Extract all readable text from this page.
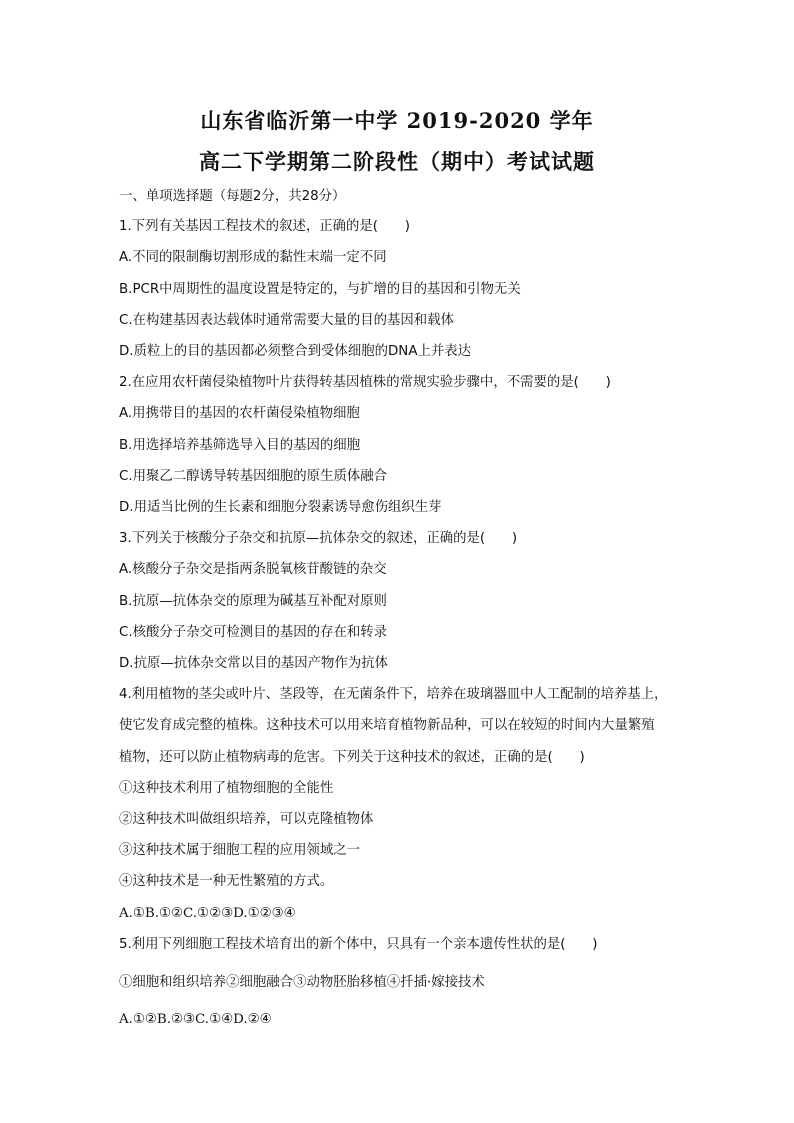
山东省临沂第一中学 2019-2020 学年
高二下学期第二阶段性（期中）考试试题
一、单项选择题（每题2分，共28分）
1.下列有关基因工程技术的叙述，正确的是(　　)
A.不同的限制酶切割形成的黏性末端一定不同
B.PCR中周期性的温度设置是特定的，与扩增的目的基因和引物无关
C.在构建基因表达载体时通常需要大量的目的基因和载体
D.质粒上的目的基因都必须整合到受体细胞的DNA上并表达
2.在应用农杆菌侵染植物叶片获得转基因植株的常规实验步骤中，不需要的是(　　)
A.用携带目的基因的农杆菌侵染植物细胞
B.用选择培养基筛选导入目的基因的细胞
C.用聚乙二醇诱导转基因细胞的原生质体融合
D.用适当比例的生长素和细胞分裂素诱导愈伤组织生芽
3.下列关于核酸分子杂交和抗原—抗体杂交的叙述，正确的是(　　)
A.核酸分子杂交是指两条脱氧核苷酸链的杂交
B.抗原—抗体杂交的原理为碱基互补配对原则
C.核酸分子杂交可检测目的基因的存在和转录
D.抗原—抗体杂交常以目的基因产物作为抗体
4.利用植物的茎尖或叶片、茎段等，在无菌条件下，培养在玻璃器皿中人工配制的培养基上，
使它发育成完整的植株。这种技术可以用来培育植物新品种，可以在较短的时间内大量繁殖
植物，还可以防止植物病毒的危害。下列关于这种技术的叙述，正确的是(　　)
①这种技术利用了植物细胞的全能性
②这种技术叫做组织培养，可以克隆植物体
③这种技术属于细胞工程的应用领域之一
④这种技术是一种无性繁殖的方式。
A.①B.①②C.①②③D.①②③④
5.利用下列细胞工程技术培育出的新个体中，只具有一个亲本遗传性状的是(　　)
①细胞和组织培养②细胞融合③动物胚胎移植④扦插·嫁接技术
A.①②B.②③C.①④D.②④
